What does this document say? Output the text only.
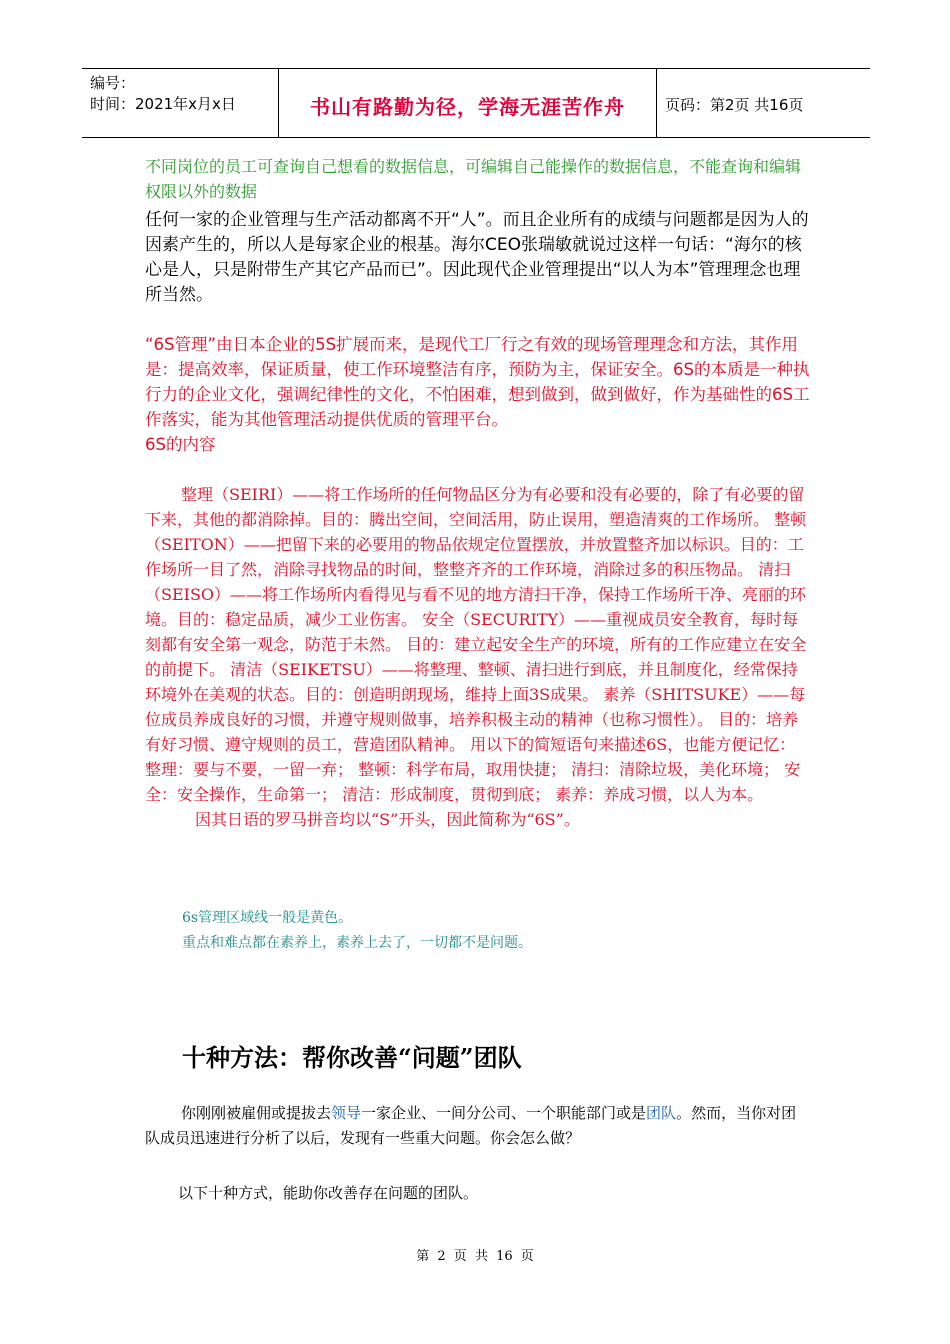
编号：
时间：2021年x月x日	书山有路勤为径，学海无涯苦作舟	页码：第2页 共16页
不同岗位的员工可查询自己想看的数据信息，可编辑自己能操作的数据信息，不能查询和编辑权限以外的数据
任何一家的企业管理与生产活动都离不开“人”。而且企业所有的成绩与问题都是因为人的因素产生的，所以人是每家企业的根基。海尔CEO张瑞敏就说过这样一句话：“海尔的核心是人，只是附带生产其它产品而已”。因此现代企业管理提出“以人为本”管理理念也理所当然。
“6S管理”由日本企业的5S扩展而来，是现代工厂行之有效的现场管理理念和方法，其作用是：提高效率，保证质量，使工作环境整洁有序，预防为主，保证安全。6S的本质是一种执行力的企业文化，强调纪律性的文化，不怕困难，想到做到，做到做好，作为基础性的6S工作落实，能为其他管理活动提供优质的管理平台。
6S的内容
整理（SEIRI）——将工作场所的任何物品区分为有必要和没有必要的，除了有必要的留下来，其他的都消除掉。目的：腾出空间，空间活用，防止误用，塑造清爽的工作场所。 整顿（SEITON）——把留下来的必要用的物品依规定位置摆放，并放置整齐加以标识。目的：工作场所一目了然，消除寻找物品的时间，整整齐齐的工作环境，消除过多的积压物品。 清扫（SEISO）——将工作场所内看得见与看不见的地方清扫干净，保持工作场所干净、亮丽的环境。目的：稳定品质，减少工业伤害。 安全（SECURITY）——重视成员安全教育，每时每刻都有安全第一观念，防范于未然。 目的：建立起安全生产的环境，所有的工作应建立在安全的前提下。 清洁（SEIKETSU）——将整理、整顿、清扫进行到底，并且制度化，经常保持环境外在美观的状态。目的：创造明朗现场，维持上面3S成果。 素养（SHITSUKE）——每位成员养成良好的习惯，并遵守规则做事，培养积极主动的精神（也称习惯性）。 目的：培养有好习惯、遵守规则的员工，营造团队精神。 用以下的简短语句来描述6S，也能方便记忆： 整理：要与不要，一留一弃； 整顿：科学布局，取用快捷； 清扫：清除垃圾，美化环境； 安全：安全操作，生命第一； 清洁：形成制度，贯彻到底； 素养：养成习惯，以人为本。
因其日语的罗马拼音均以“S”开头，因此简称为“6S”。
6s管理区域线一般是黄色。
重点和难点都在素养上，素养上去了，一切都不是问题。
十种方法：帮你改善“问题”团队
你刚刚被雇佣或提拔去领导一家企业、一间分公司、一个职能部门或是团队。然而，当你对团队成员迅速进行分析了以后，发现有一些重大问题。你会怎么做？
以下十种方式，能助你改善存在问题的团队。
第 2 页 共 16 页
